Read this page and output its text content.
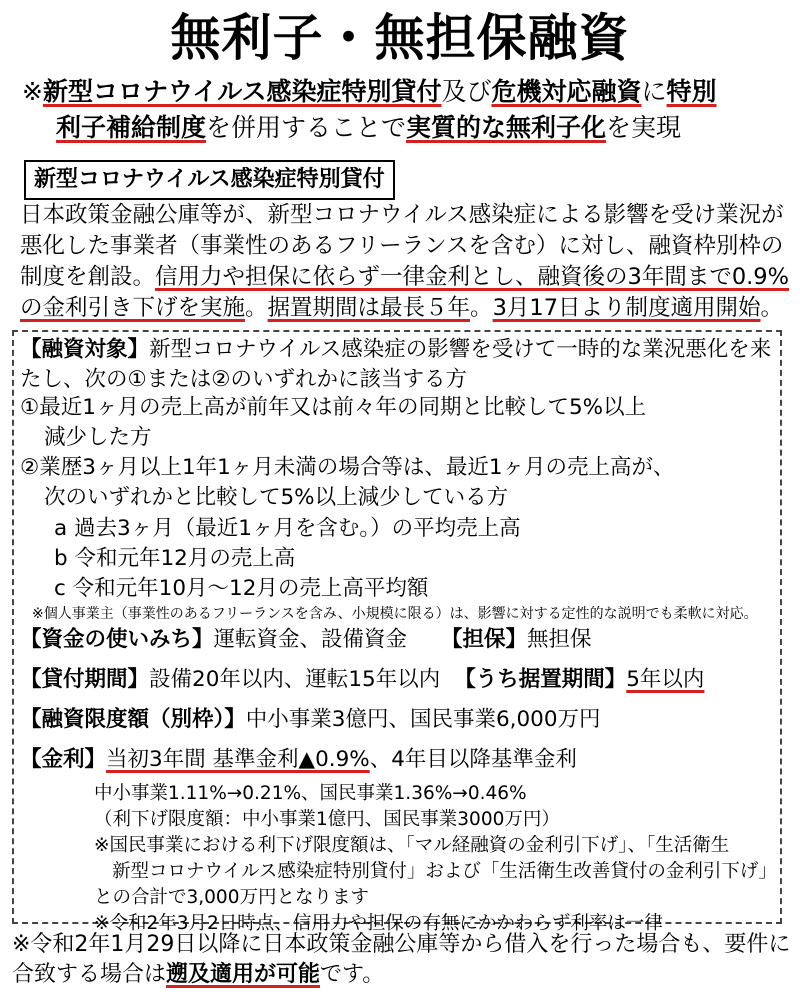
無利子・無担保融資
※新型コロナウイルス感染症特別貸付及び危機対応融資に特別
利子補給制度を併用することで実質的な無利子化を実現
新型コロナウイルス感染症特別貸付
日本政策金融公庫等が、新型コロナウイルス感染症による影響を受け業況が悪化した事業者（事業性のあるフリーランスを含む）に対し、融資枠別枠の制度を創設。信用力や担保に依らず一律金利とし、融資後の3年間まで0.9%の金利引き下げを実施。据置期間は最長５年。3月17日より制度適用開始。
【融資対象】新型コロナウイルス感染症の影響を受けて一時的な業況悪化を来
たし、次の①または②のいずれかに該当する方
①最近1ヶ月の売上高が前年又は前々年の同期と比較して5%以上
減少した方
②業歴3ヶ月以上1年1ヶ月未満の場合等は、最近1ヶ月の売上高が、
次のいずれかと比較して5%以上減少している方
a 過去3ヶ月（最近1ヶ月を含む。）の平均売上高
b 令和元年12月の売上高
c 令和元年10月～12月の売上高平均額
※個人事業主（事業性のあるフリーランスを含み、小規模に限る）は、影響に対する定性的な説明でも柔軟に対応。
【資金の使いみち】運転資金、設備資金 【担保】無担保
【貸付期間】設備20年以内、運転15年以内 【うち据置期間】5年以内
【融資限度額（別枠）】中小事業3億円、国民事業6,000万円
【金利】当初3年間 基準金利▲0.9%、4年目以降基準金利
中小事業1.11%→0.21%、国民事業1.36%→0.46%
（利下げ限度額：中小事業1億円、国民事業3000万円）
※国民事業における利下げ限度額は、「マル経融資の金利引下げ」、「生活衛生
新型コロナウイルス感染症特別貸付」および「生活衛生改善貸付の金利引下げ」
との合計で3,000万円となります
※令和2年3月2日時点、信用力や担保の有無にかかわらず利率は一律
※令和2年1月29日以降に日本政策金融公庫等から借入を行った場合も、要件に合致する場合は遡及適用が可能です。
